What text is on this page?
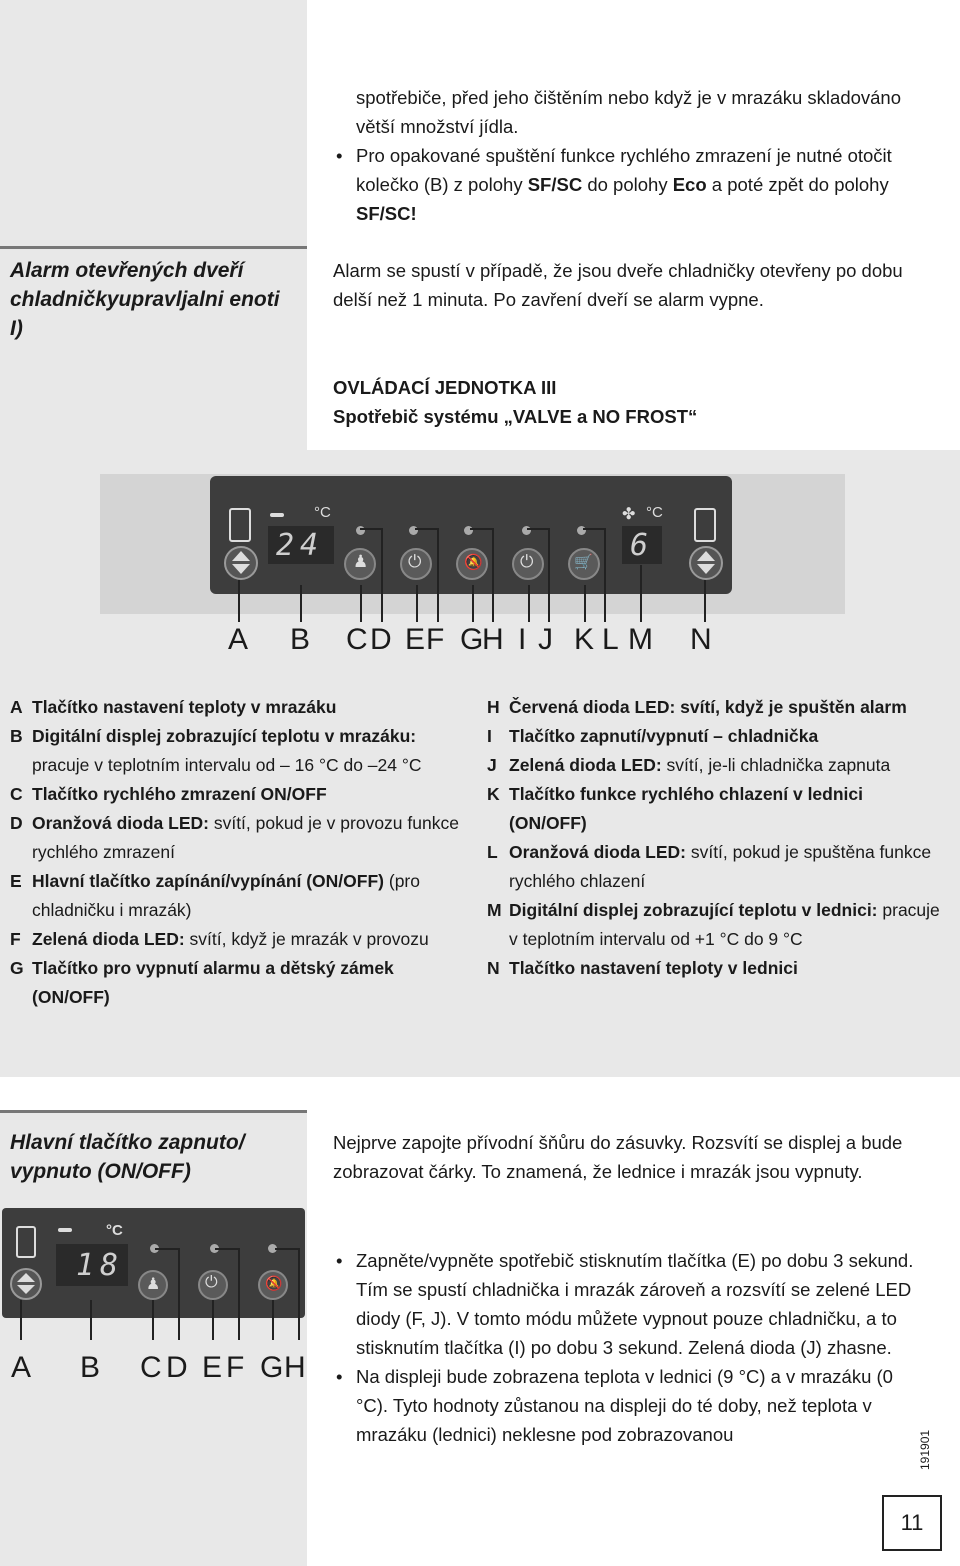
spotřebiče, před jeho čištěním nebo když je v mrazáku skladováno větší množství jídla.
• Pro opakované spuštění funkce rychlého zmrazení je nutné otočit kolečko (B) z polohy SF/SC do polohy Eco a poté zpět do polohy SF/SC!
Alarm otevřených dveří chladničkyupravljalni enoti I)
Alarm se spustí v případě, že jsou dveře chladničky otevřeny po dobu delší než 1 minuta. Po zavření dveří se alarm vypne.
OVLÁDACÍ JEDNOTKA III
Spotřebič systému „VALVE a NO FROST“
°C
24 ♟ ⏻	🔕 ⏻	🛒
✤ °C
6
A B C D E F G
H I J K L M N
A Tlačítko nastavení teploty v mrazáku
B Digitální displej zobrazující teplotu v mrazáku: pracuje v teplotním intervalu od – 16 °C do –24 °C
C Tlačítko rychlého zmrazení ON/OFF
D Oranžová dioda LED: svítí, pokud je v provozu funkce rychlého zmrazení
E Hlavní tlačítko zapínání/vypínání (ON/OFF) (pro chladničku i mrazák)
F Zelená dioda LED: svítí, když je mrazák v provozu
G Tlačítko pro vypnutí alarmu a dětský zámek (ON/OFF)
H Červená dioda LED: svítí, když je spuštěn alarm
I Tlačítko zapnutí/vypnutí – chladnička
J Zelená dioda LED: svítí, je-li chladnička zapnuta
K Tlačítko funkce rychlého chlazení v lednici (ON/OFF)
L Oranžová dioda LED: svítí, pokud je spuštěna funkce rychlého chlazení
M Digitální displej zobrazující teplotu v lednici: pracuje v teplotním intervalu od +1 °C do 9 °C
N Tlačítko nastavení teploty v lednici
Hlavní tlačítko zapnuto/ vypnuto (ON/OFF)
Nejprve zapojte přívodní šňůru do zásuvky. Rozsvítí se displej a bude zobrazovat čárky. To znamená, že lednice i mrazák jsou vypnuty.
°C
18
♟	⏻	🔕
A B C D E F G H
• Zapněte/vypněte spotřebič stisknutím tlačítka (E) po dobu 3 sekund. Tím se spustí chladnička i mrazák zároveň a rozsvítí se zelené LED diody (F, J). V tomto módu můžete vypnout pouze chladničku, a to stisknutím tlačítka (I) po dobu 3 sekund. Zelená dioda (J) zhasne.
• Na displeji bude zobrazena teplota v lednici (9 °C) a v mrazáku (0 °C). Tyto hodnoty zůstanou na displeji do té doby, než teplota v mrazáku (lednici) neklesne pod zobrazovanou	191901
11
